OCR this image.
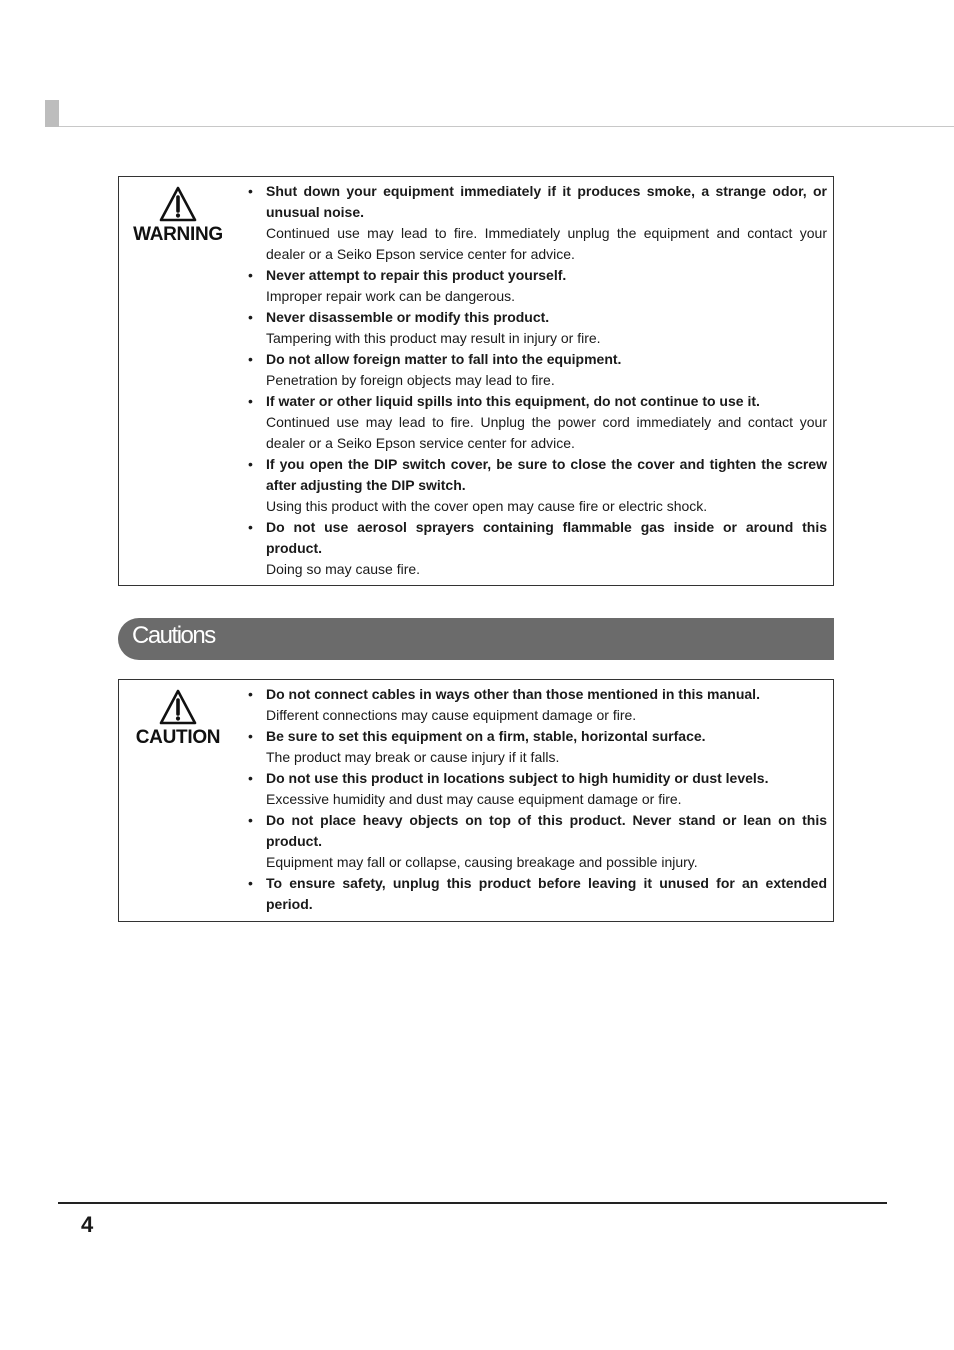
WARNING
• Shut down your equipment immediately if it produces smoke, a strange odor, or unusual noise.
Continued use may lead to fire. Immediately unplug the equipment and contact your dealer or a Seiko Epson service center for advice.
• Never attempt to repair this product yourself.
Improper repair work can be dangerous.
• Never disassemble or modify this product.
Tampering with this product may result in injury or fire.
• Do not allow foreign matter to fall into the equipment.
Penetration by foreign objects may lead to fire.
• If water or other liquid spills into this equipment, do not continue to use it.
Continued use may lead to fire. Unplug the power cord immediately and contact your dealer or a Seiko Epson service center for advice.
• If you open the DIP switch cover, be sure to close the cover and tighten the screw after adjusting the DIP switch.
Using this product with the cover open may cause fire or electric shock.
• Do not use aerosol sprayers containing flammable gas inside or around this product.
Doing so may cause fire.
Cautions
CAUTION
• Do not connect cables in ways other than those mentioned in this manual.
Different connections may cause equipment damage or fire.
• Be sure to set this equipment on a firm, stable, horizontal surface.
The product may break or cause injury if it falls.
• Do not use this product in locations subject to high humidity or dust levels.
Excessive humidity and dust may cause equipment damage or fire.
• Do not place heavy objects on top of this product. Never stand or lean on this product.
Equipment may fall or collapse, causing breakage and possible injury.
• To ensure safety, unplug this product before leaving it unused for an extended period.
4
